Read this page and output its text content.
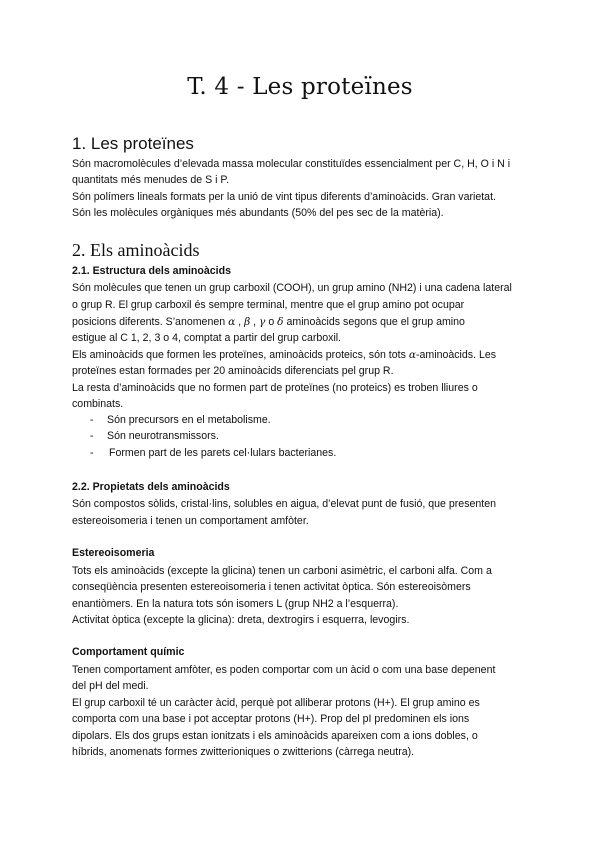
T. 4 - Les proteïnes
1. Les proteïnes
Són macromolècules d’elevada massa molecular constituïdes essencialment per C, H, O i N i
quantitats més menudes de S i P.
Són polímers lineals formats per la unió de vint tipus diferents d’aminoàcids. Gran varietat.
Són les molècules orgàniques més abundants (50% del pes sec de la matèria).
2. Els aminoàcids
2.1. Estructura dels aminoàcids
Són molècules que tenen un grup carboxil (COOH), un grup amino (NH2) i una cadena lateral
o grup R. El grup carboxil és sempre terminal, mentre que el grup amino pot ocupar
posicions diferents. S’anomenen α , β , γ o δ aminoàcids segons que el grup amino
estigue al C 1, 2, 3 o 4, comptat a partir del grup carboxil.
Els aminoàcids que formen les proteïnes, aminoàcids proteics, són tots α-aminoàcids. Les
proteïnes estan formades per 20 aminoàcids diferenciats pel grup R.
La resta d’aminoàcids que no formen part de proteïnes (no proteics) es troben lliures o
combinats.
- Són precursors en el metabolisme.
- Són neurotransmissors.
- Formen part de les parets cel·lulars bacterianes.
2.2. Propietats dels aminoàcids
Són compostos sòlids, cristal·lins, solubles en aigua, d’elevat punt de fusió, que presenten
estereoisomeria i tenen un comportament amfòter.
Estereoisomeria
Tots els aminoàcids (excepte la glicina) tenen un carboni asimètric, el carboni alfa. Com a
conseqüència presenten estereoisomeria i tenen activitat òptica. Són estereoisòmers
enantiòmers. En la natura tots són isomers L (grup NH2 a l’esquerra).
Activitat òptica (excepte la glicina): dreta, dextrogirs i esquerra, levogirs.
Comportament químic
Tenen comportament amfòter, es poden comportar com un àcid o com una base depenent
del pH del medi.
El grup carboxil té un caràcter àcid, perquè pot alliberar protons (H+). El grup amino es
comporta com una base i pot acceptar protons (H+). Prop del pI predominen els ions
dipolars. Els dos grups estan ionitzats i els aminoàcids apareixen com a ions dobles, o
híbrids, anomenats formes zwitterioniques o zwitterions (càrrega neutra).
